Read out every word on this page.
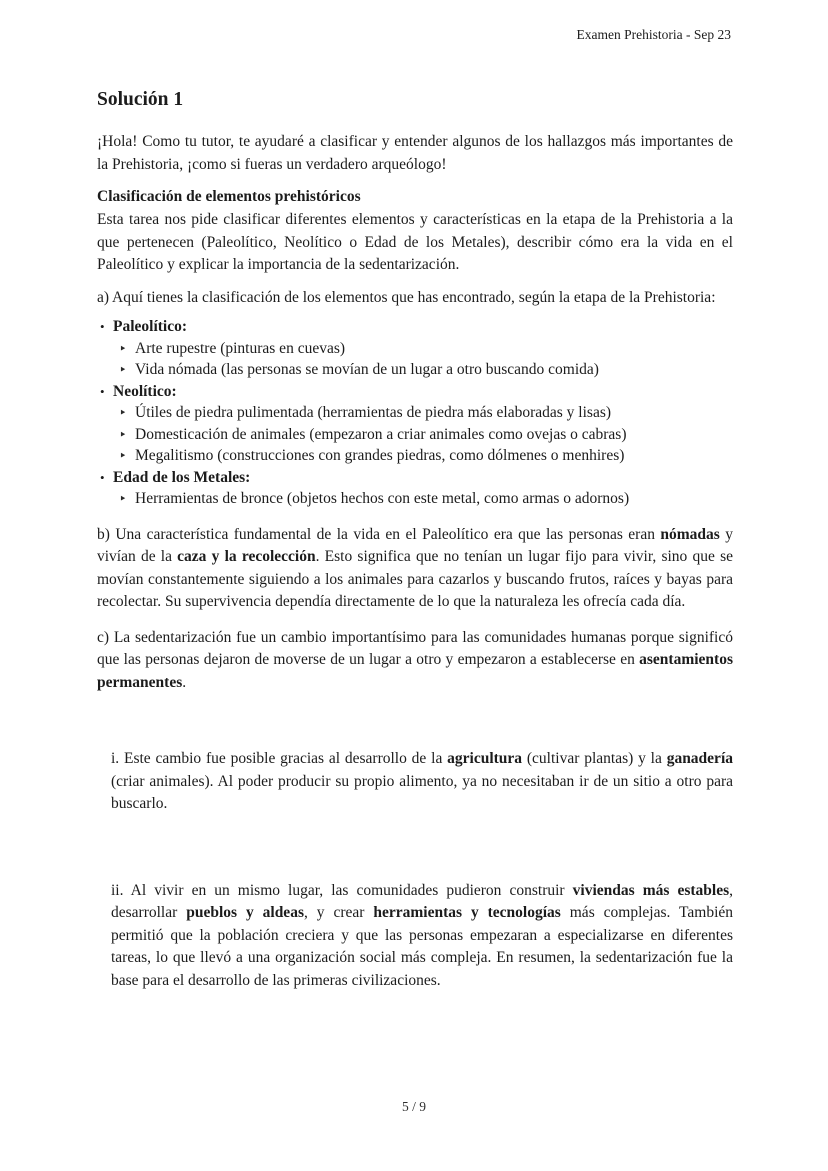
Examen Prehistoria - Sep 23
Solución 1

¡Hola! Como tu tutor, te ayudaré a clasificar y entender algunos de los hallazgos más importantes de la Prehistoria, ¡como si fueras un verdadero arqueólogo!

Clasificación de elementos prehistóricos

Esta tarea nos pide clasificar diferentes elementos y características en la etapa de la Prehistoria a la que pertenecen (Paleolítico, Neolítico o Edad de los Metales), describir cómo era la vida en el Paleolítico y explicar la importancia de la sedentarización.

a) Aquí tienes la clasificación de los elementos que has encontrado, según la etapa de la Prehistoria:

• Paleolítico:
‣ Arte rupestre (pinturas en cuevas)
‣ Vida nómada (las personas se movían de un lugar a otro buscando comida)
• Neolítico:
‣ Útiles de piedra pulimentada (herramientas de piedra más elaboradas y lisas)
‣ Domesticación de animales (empezaron a criar animales como ovejas o cabras)
‣ Megalitismo (construcciones con grandes piedras, como dólmenes o menhires)
• Edad de los Metales:
‣ Herramientas de bronce (objetos hechos con este metal, como armas o adornos)

b) Una característica fundamental de la vida en el Paleolítico era que las personas eran nómadas y vivían de la caza y la recolección. Esto significa que no tenían un lugar fijo para vivir, sino que se movían constantemente siguiendo a los animales para cazarlos y buscando frutos, raíces y bayas para recolectar. Su supervivencia dependía directamente de lo que la naturaleza les ofrecía cada día.

c) La sedentarización fue un cambio importantísimo para las comunidades humanas porque significó que las personas dejaron de moverse de un lugar a otro y empezaron a establecerse en asentamientos permanentes.

i. Este cambio fue posible gracias al desarrollo de la agricultura (cultivar plantas) y la ganadería (criar animales). Al poder producir su propio alimento, ya no necesitaban ir de un sitio a otro para buscarlo.

ii. Al vivir en un mismo lugar, las comunidades pudieron construir viviendas más estables, desarrollar pueblos y aldeas, y crear herramientas y tecnologías más complejas. También permitió que la población creciera y que las personas empezaran a especializarse en diferentes tareas, lo que llevó a una organización social más compleja. En resumen, la sedentarización fue la base para el desarrollo de las primeras civilizaciones.

5 / 9
